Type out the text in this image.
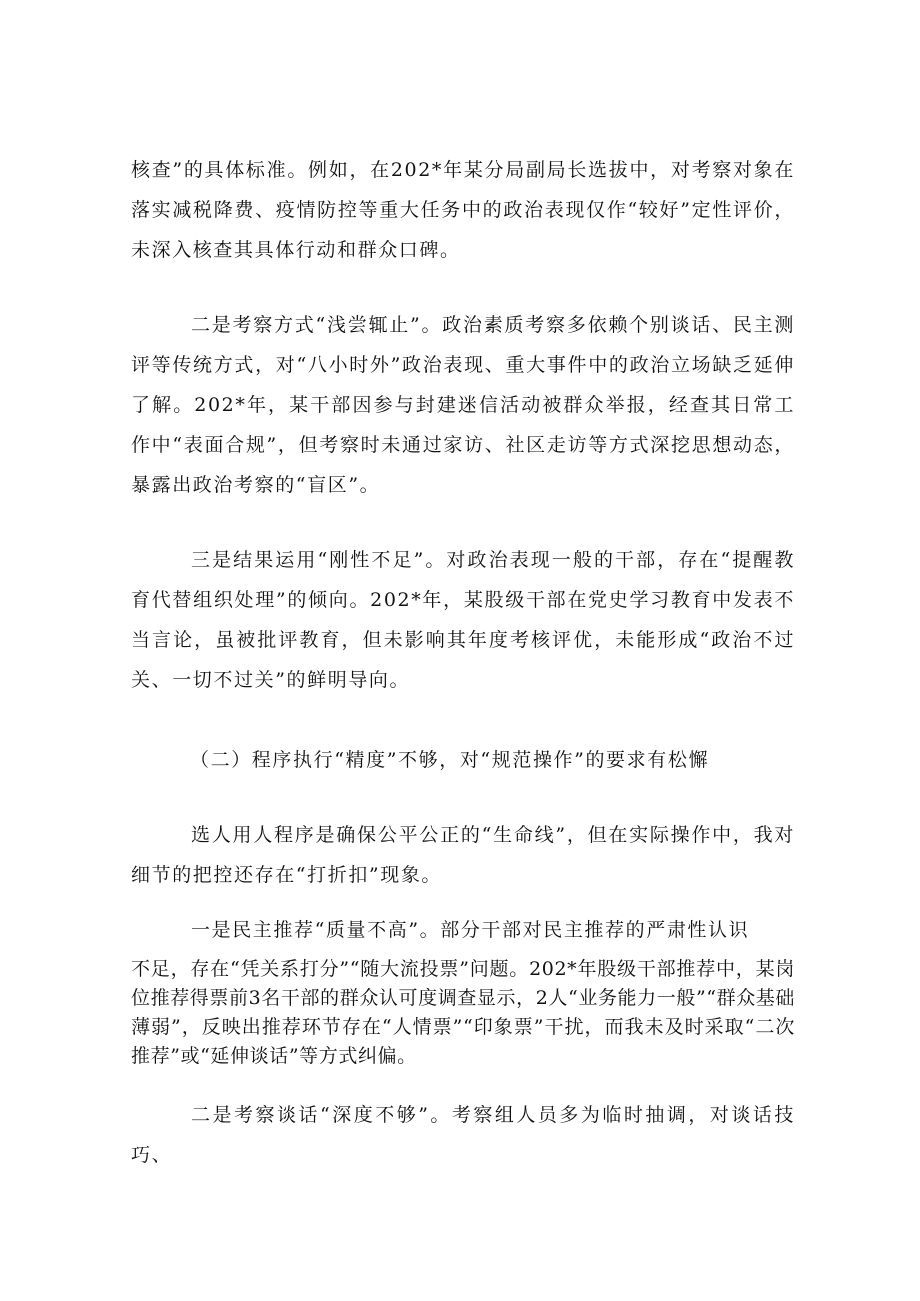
核查”的具体标准。例如，在202*年某分局副局长选拔中，对考察对象在落实减税降费、疫情防控等重大任务中的政治表现仅作“较好”定性评价，未深入核查其具体行动和群众口碑。

二是考察方式“浅尝辄止”。政治素质考察多依赖个别谈话、民主测评等传统方式，对“八小时外”政治表现、重大事件中的政治立场缺乏延伸了解。202*年，某干部因参与封建迷信活动被群众举报，经查其日常工作中“表面合规”，但考察时未通过家访、社区走访等方式深挖思想动态，暴露出政治考察的“盲区”。

三是结果运用“刚性不足”。对政治表现一般的干部，存在“提醒教育代替组织处理”的倾向。202*年，某股级干部在党史学习教育中发表不当言论，虽被批评教育，但未影响其年度考核评优，未能形成“政治不过关、一切不过关”的鲜明导向。

（二）程序执行“精度”不够，对“规范操作”的要求有松懈

选人用人程序是确保公平公正的“生命线”，但在实际操作中，我对细节的把控还存在“打折扣”现象。

一是民主推荐“质量不高”。部分干部对民主推荐的严肃性认识

不足，存在“凭关系打分”“随大流投票”问题。202*年股级干部推荐中，某岗位推荐得票前3名干部的群众认可度调查显示，2人“业务能力一般”“群众基础薄弱”，反映出推荐环节存在“人情票”“印象票”干扰，而我未及时采取“二次推荐”或“延伸谈话”等方式纠偏。

二是考察谈话“深度不够”。考察组人员多为临时抽调，对谈话技巧、
